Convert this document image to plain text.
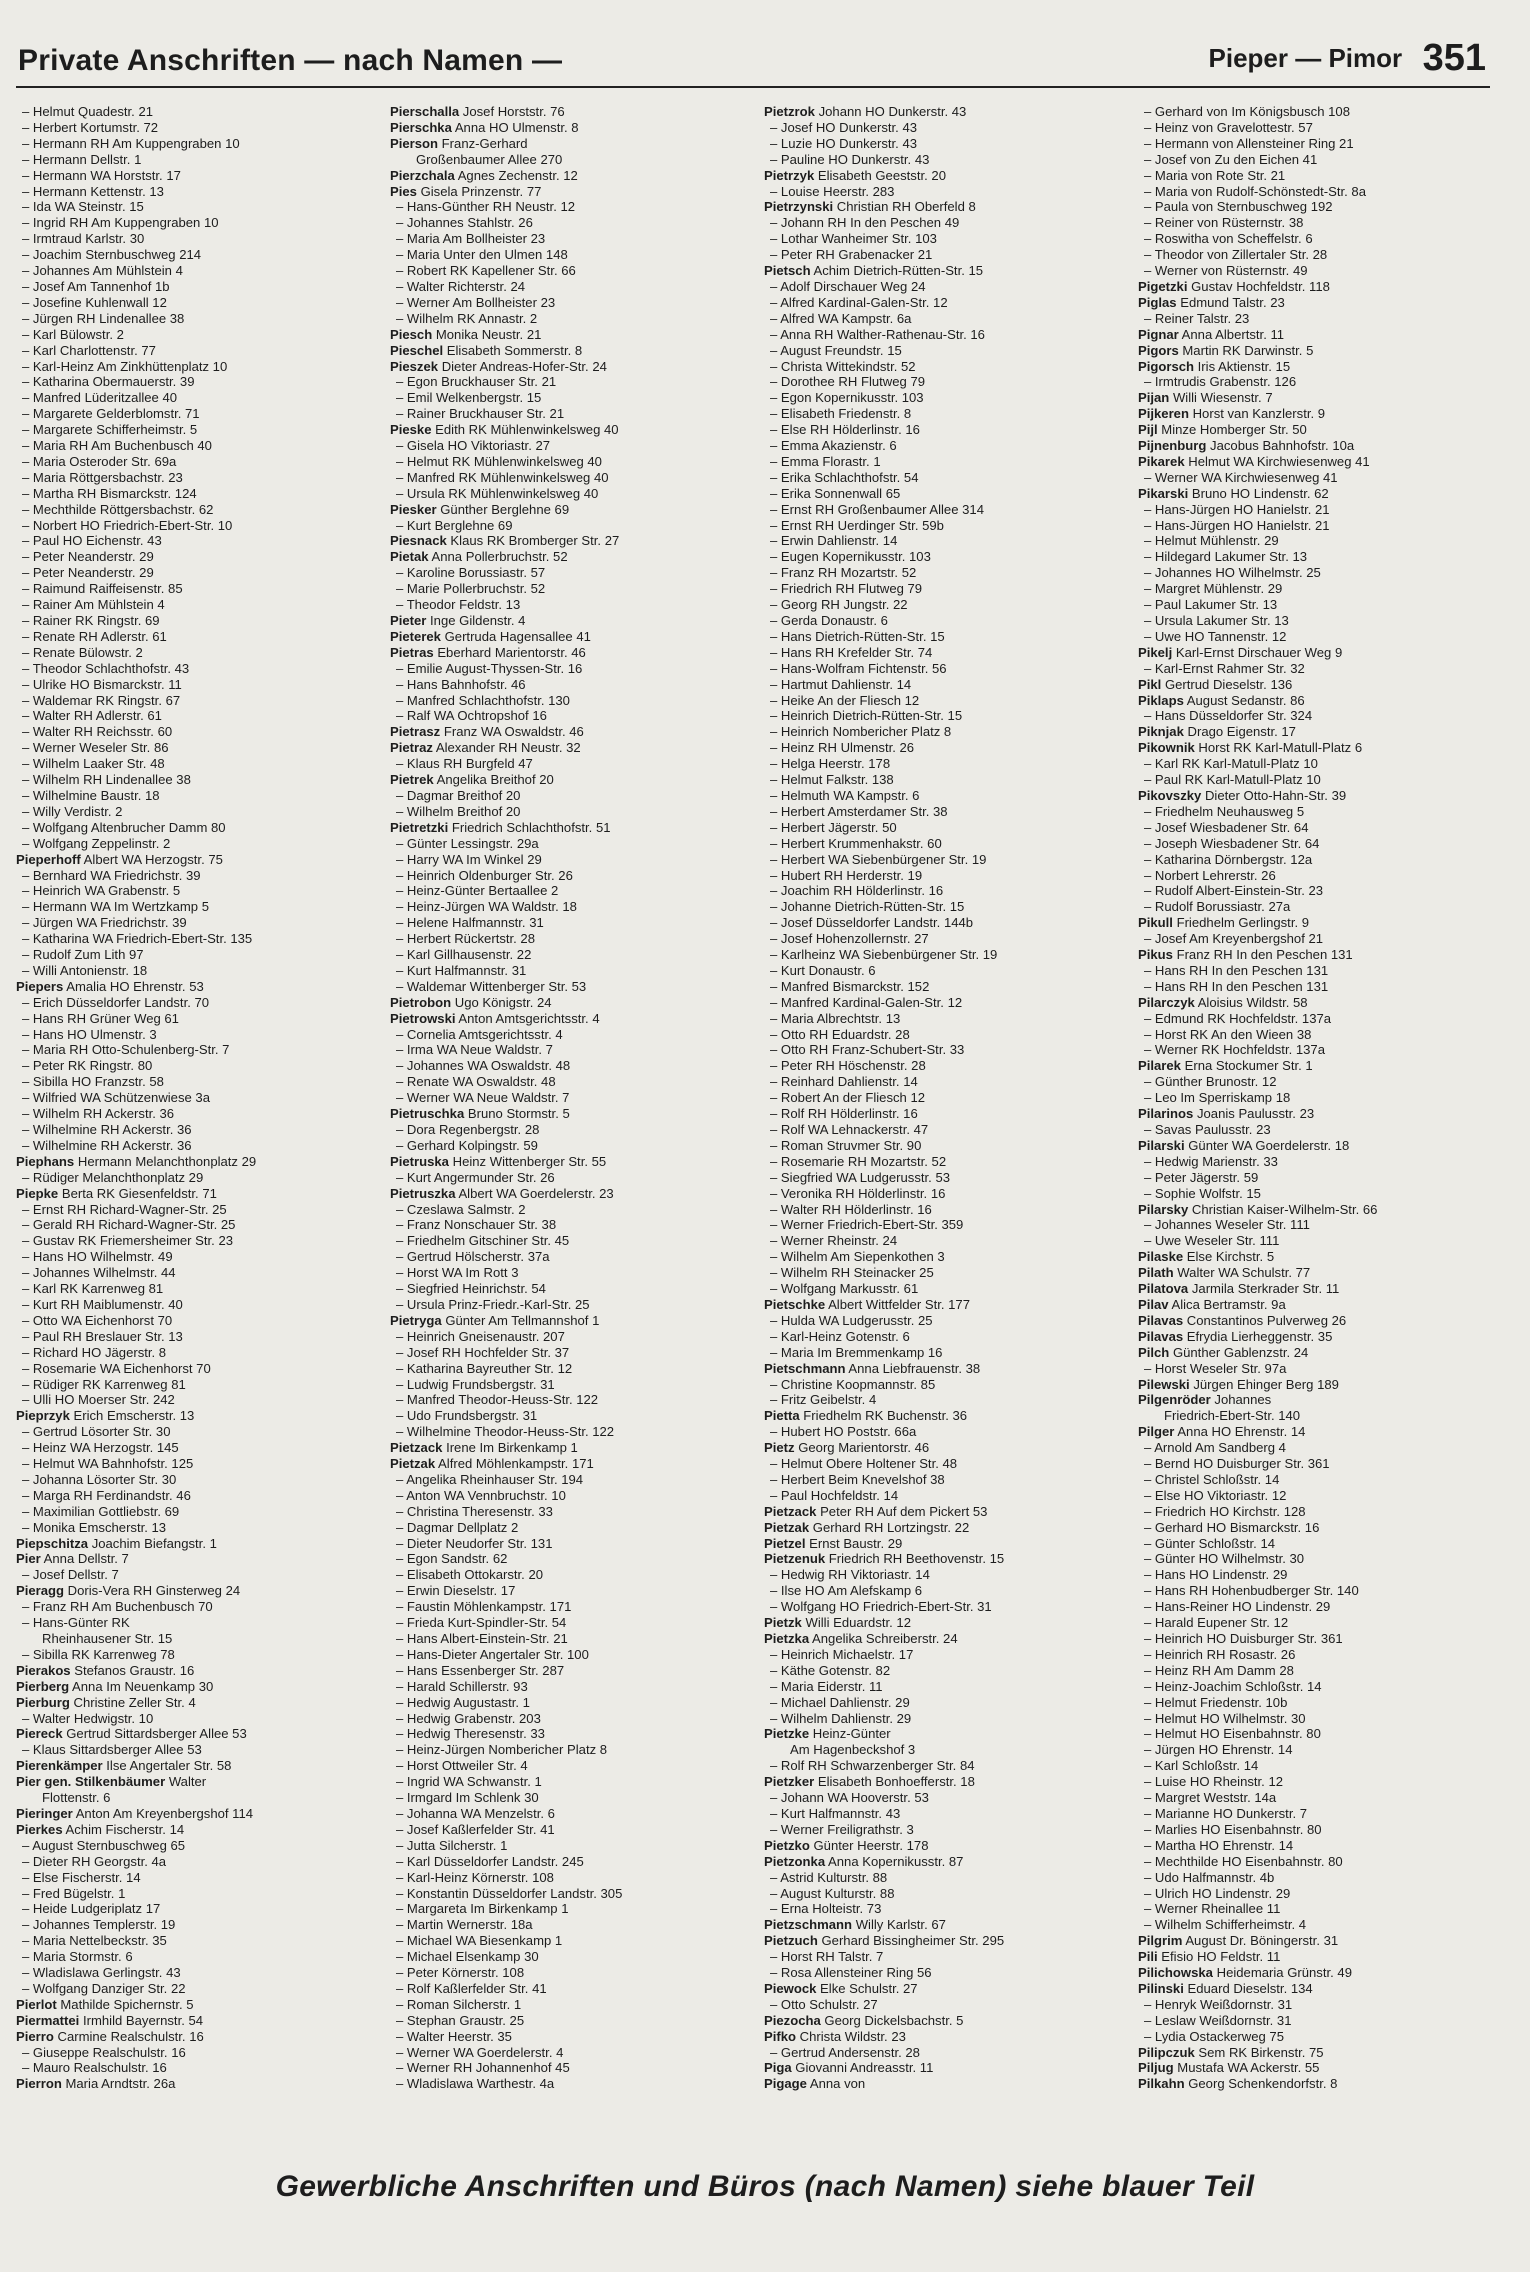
Private Anschriften — nach Namen —	Pieper — Pimor 351
– Helmut Quadestr. 21
– Herbert Kortumstr. 72
– Hermann RH Am Kuppengraben 10
– Hermann Dellstr. 1
– Hermann WA Horststr. 17
– Hermann Kettenstr. 13
– Ida WA Steinstr. 15
– Ingrid RH Am Kuppengraben 10
– Irmtraud Karlstr. 30
– Joachim Sternbuschweg 214
– Johannes Am Mühlstein 4
– Josef Am Tannenhof 1b
– Josefine Kuhlenwall 12
– Jürgen RH Lindenallee 38
– Karl Bülowstr. 2
– Karl Charlottenstr. 77
– Karl-Heinz Am Zinkhüttenplatz 10
– Katharina Obermauerstr. 39
– Manfred Lüderitzallee 40
– Margarete Gelderblomstr. 71
– Margarete Schifferheimstr. 5
– Maria RH Am Buchenbusch 40
– Maria Osteroder Str. 69a
– Maria Röttgersbachstr. 23
– Martha RH Bismarckstr. 124
– Mechthilde Röttgersbachstr. 62
– Norbert HO Friedrich-Ebert-Str. 10
– Paul HO Eichenstr. 43
– Peter Neanderstr. 29
– Peter Neanderstr. 29
– Raimund Raiffeisenstr. 85
– Rainer Am Mühlstein 4
– Rainer RK Ringstr. 69
– Renate RH Adlerstr. 61
– Renate Bülowstr. 2
– Theodor Schlachthofstr. 43
– Ulrike HO Bismarckstr. 11
– Waldemar RK Ringstr. 67
– Walter RH Adlerstr. 61
– Walter RH Reichsstr. 60
– Werner Weseler Str. 86
– Wilhelm Laaker Str. 48
– Wilhelm RH Lindenallee 38
– Wilhelmine Baustr. 18
– Willy Verdistr. 2
– Wolfgang Altenbrucher Damm 80
– Wolfgang Zeppelinstr. 2
Pieperhoff Albert WA Herzogstr. 75
– Bernhard WA Friedrichstr. 39
– Heinrich WA Grabenstr. 5
– Hermann WA Im Wertzkamp 5
– Jürgen WA Friedrichstr. 39
– Katharina WA Friedrich-Ebert-Str. 135
– Rudolf Zum Lith 97
– Willi Antonienstr. 18
Piepers Amalia HO Ehrenstr. 53
– Erich Düsseldorfer Landstr. 70
– Hans RH Grüner Weg 61
– Hans HO Ulmenstr. 3
– Maria RH Otto-Schulenberg-Str. 7
– Peter RK Ringstr. 80
– Sibilla HO Franzstr. 58
– Wilfried WA Schützenwiese 3a
– Wilhelm RH Ackerstr. 36
– Wilhelmine RH Ackerstr. 36
– Wilhelmine RH Ackerstr. 36
Piephans Hermann Melanchthonplatz 29
– Rüdiger Melanchthonplatz 29
Piepke Berta RK Giesenfeldstr. 71
– Ernst RH Richard-Wagner-Str. 25
– Gerald RH Richard-Wagner-Str. 25
– Gustav RK Friemersheimer Str. 23
– Hans HO Wilhelmstr. 49
– Johannes Wilhelmstr. 44
– Karl RK Karrenweg 81
– Kurt RH Maiblumenstr. 40
– Otto WA Eichenhorst 70
– Paul RH Breslauer Str. 13
– Richard HO Jägerstr. 8
– Rosemarie WA Eichenhorst 70
– Rüdiger RK Karrenweg 81
– Ulli HO Moerser Str. 242
Pieprzyk Erich Emscherstr. 13
– Gertrud Lösorter Str. 30
– Heinz WA Herzogstr. 145
– Helmut WA Bahnhofstr. 125
– Johanna Lösorter Str. 30
– Marga RH Ferdinandstr. 46
– Maximilian Gottliebstr. 69
– Monika Emscherstr. 13
Piepschitza Joachim Biefangstr. 1
Pier Anna Dellstr. 7
– Josef Dellstr. 7
Pieragg Doris-Vera RH Ginsterweg 24
– Franz RH Am Buchenbusch 70
– Hans-Günter RK
Rheinhausener Str. 15
– Sibilla RK Karrenweg 78
Pierakos Stefanos Graustr. 16
Pierberg Anna Im Neuenkamp 30
Pierburg Christine Zeller Str. 4
– Walter Hedwigstr. 10
Piereck Gertrud Sittardsberger Allee 53
– Klaus Sittardsberger Allee 53
Pierenkämper Ilse Angertaler Str. 58
Pier gen. Stilkenbäumer Walter
Flottenstr. 6
Pieringer Anton Am Kreyenbergshof 114
Pierkes Achim Fischerstr. 14
– August Sternbuschweg 65
– Dieter RH Georgstr. 4a
– Else Fischerstr. 14
– Fred Bügelstr. 1
– Heide Ludgeriplatz 17
– Johannes Templerstr. 19
– Maria Nettelbeckstr. 35
– Maria Stormstr. 6
– Wladislawa Gerlingstr. 43
– Wolfgang Danziger Str. 22
Pierlot Mathilde Spichernstr. 5
Piermattei Irmhild Bayernstr. 54
Pierro Carmine Realschulstr. 16
– Giuseppe Realschulstr. 16
– Mauro Realschulstr. 16
Pierron Maria Arndtstr. 26a
Pierschalla Josef Horststr. 76
Pierschka Anna HO Ulmenstr. 8
Pierson Franz-Gerhard
Großenbaumer Allee 270
Pierzchala Agnes Zechenstr. 12
Pies Gisela Prinzenstr. 77
– Hans-Günther RH Neustr. 12
– Johannes Stahlstr. 26
– Maria Am Bollheister 23
– Maria Unter den Ulmen 148
– Robert RK Kapellener Str. 66
– Walter Richterstr. 24
– Werner Am Bollheister 23
– Wilhelm RK Annastr. 2
Piesch Monika Neustr. 21
Pieschel Elisabeth Sommerstr. 8
Pieszek Dieter Andreas-Hofer-Str. 24
– Egon Bruckhauser Str. 21
– Emil Welkenbergstr. 15
– Rainer Bruckhauser Str. 21
Pieske Edith RK Mühlenwinkelsweg 40
– Gisela HO Viktoriastr. 27
– Helmut RK Mühlenwinkelsweg 40
– Manfred RK Mühlenwinkelsweg 40
– Ursula RK Mühlenwinkelsweg 40
Piesker Günther Berglehne 69
– Kurt Berglehne 69
Piesnack Klaus RK Bromberger Str. 27
Pietak Anna Pollerbruchstr. 52
– Karoline Borussiastr. 57
– Marie Pollerbruchstr. 52
– Theodor Feldstr. 13
Pieter Inge Gildenstr. 4
Pieterek Gertruda Hagensallee 41
Pietras Eberhard Marientorstr. 46
– Emilie August-Thyssen-Str. 16
– Hans Bahnhofstr. 46
– Manfred Schlachthofstr. 130
– Ralf WA Ochtropshof 16
Pietrasz Franz WA Oswaldstr. 46
Pietraz Alexander RH Neustr. 32
– Klaus RH Burgfeld 47
Pietrek Angelika Breithof 20
– Dagmar Breithof 20
– Wilhelm Breithof 20
Pietretzki Friedrich Schlachthofstr. 51
– Günter Lessingstr. 29a
– Harry WA Im Winkel 29
– Heinrich Oldenburger Str. 26
– Heinz-Günter Bertaallee 2
– Heinz-Jürgen WA Waldstr. 18
– Helene Halfmannstr. 31
– Herbert Rückertstr. 28
– Karl Gillhausenstr. 22
– Kurt Halfmannstr. 31
– Waldemar Wittenberger Str. 53
Pietrobon Ugo Königstr. 24
Pietrowski Anton Amtsgerichtsstr. 4
– Cornelia Amtsgerichtsstr. 4
– Irma WA Neue Waldstr. 7
– Johannes WA Oswaldstr. 48
– Renate WA Oswaldstr. 48
– Werner WA Neue Waldstr. 7
Pietruschka Bruno Stormstr. 5
– Dora Regenbergstr. 28
– Gerhard Kolpingstr. 59
Pietruska Heinz Wittenberger Str. 55
– Kurt Angermunder Str. 26
Pietruszka Albert WA Goerdelerstr. 23
– Czeslawa Salmstr. 2
– Franz Nonschauer Str. 38
– Friedhelm Gitschiner Str. 45
– Gertrud Hölscherstr. 37a
– Horst WA Im Rott 3
– Siegfried Heinrichstr. 54
– Ursula Prinz-Friedr.-Karl-Str. 25
Pietryga Günter Am Tellmannshof 1
– Heinrich Gneisenaustr. 207
– Josef RH Hochfelder Str. 37
– Katharina Bayreuther Str. 12
– Ludwig Frundsbergstr. 31
– Manfred Theodor-Heuss-Str. 122
– Udo Frundsbergstr. 31
– Wilhelmine Theodor-Heuss-Str. 122
Pietzack Irene Im Birkenkamp 1
Pietzak Alfred Möhlenkampstr. 171
– Angelika Rheinhauser Str. 194
– Anton WA Vennbruchstr. 10
– Christina Theresenstr. 33
– Dagmar Dellplatz 2
– Dieter Neudorfer Str. 131
– Egon Sandstr. 62
– Elisabeth Ottokarstr. 20
– Erwin Dieselstr. 17
– Faustin Möhlenkampstr. 171
– Frieda Kurt-Spindler-Str. 54
– Hans Albert-Einstein-Str. 21
– Hans-Dieter Angertaler Str. 100
– Hans Essenberger Str. 287
– Harald Schillerstr. 93
– Hedwig Augustastr. 1
– Hedwig Grabenstr. 203
– Hedwig Theresenstr. 33
– Heinz-Jürgen Nombericher Platz 8
– Horst Ottweiler Str. 4
– Ingrid WA Schwanstr. 1
– Irmgard Im Schlenk 30
– Johanna WA Menzelstr. 6
– Josef Kaßlerfelder Str. 41
– Jutta Silcherstr. 1
– Karl Düsseldorfer Landstr. 245
– Karl-Heinz Körnerstr. 108
– Konstantin Düsseldorfer Landstr. 305
– Margareta Im Birkenkamp 1
– Martin Wernerstr. 18a
– Michael WA Biesenkamp 1
– Michael Elsenkamp 30
– Peter Körnerstr. 108
– Rolf Kaßlerfelder Str. 41
– Roman Silcherstr. 1
– Stephan Graustr. 25
– Walter Heerstr. 35
– Werner WA Goerdelerstr. 4
– Werner RH Johannenhof 45
– Wladislawa Warthestr. 4a
Pietzrok Johann HO Dunkerstr. 43
– Josef HO Dunkerstr. 43
– Luzie HO Dunkerstr. 43
– Pauline HO Dunkerstr. 43
Pietrzyk Elisabeth Geeststr. 20
– Louise Heerstr. 283
Pietrzynski Christian RH Oberfeld 8
– Johann RH In den Peschen 49
– Lothar Wanheimer Str. 103
– Peter RH Grabenacker 21
Pietsch Achim Dietrich-Rütten-Str. 15
– Adolf Dirschauer Weg 24
– Alfred Kardinal-Galen-Str. 12
– Alfred WA Kampstr. 6a
– Anna RH Walther-Rathenau-Str. 16
– August Freundstr. 15
– Christa Wittekindstr. 52
– Dorothee RH Flutweg 79
– Egon Kopernikusstr. 103
– Elisabeth Friedenstr. 8
– Else RH Hölderlinstr. 16
– Emma Akazienstr. 6
– Emma Florastr. 1
– Erika Schlachthofstr. 54
– Erika Sonnenwall 65
– Ernst RH Großenbaumer Allee 314
– Ernst RH Uerdinger Str. 59b
– Erwin Dahlienstr. 14
– Eugen Kopernikusstr. 103
– Franz RH Mozartstr. 52
– Friedrich RH Flutweg 79
– Georg RH Jungstr. 22
– Gerda Donaustr. 6
– Hans Dietrich-Rütten-Str. 15
– Hans RH Krefelder Str. 74
– Hans-Wolfram Fichtenstr. 56
– Hartmut Dahlienstr. 14
– Heike An der Fliesch 12
– Heinrich Dietrich-Rütten-Str. 15
– Heinrich Nombericher Platz 8
– Heinz RH Ulmenstr. 26
– Helga Heerstr. 178
– Helmut Falkstr. 138
– Helmuth WA Kampstr. 6
– Herbert Amsterdamer Str. 38
– Herbert Jägerstr. 50
– Herbert Krummenhakstr. 60
– Herbert WA Siebenbürgener Str. 19
– Hubert RH Herderstr. 19
– Joachim RH Hölderlinstr. 16
– Johanne Dietrich-Rütten-Str. 15
– Josef Düsseldorfer Landstr. 144b
– Josef Hohenzollernstr. 27
– Karlheinz WA Siebenbürgener Str. 19
– Kurt Donaustr. 6
– Manfred Bismarckstr. 152
– Manfred Kardinal-Galen-Str. 12
– Maria Albrechtstr. 13
– Otto RH Eduardstr. 28
– Otto RH Franz-Schubert-Str. 33
– Peter RH Höschenstr. 28
– Reinhard Dahlienstr. 14
– Robert An der Fliesch 12
– Rolf RH Hölderlinstr. 16
– Rolf WA Lehnackerstr. 47
– Roman Struvmer Str. 90
– Rosemarie RH Mozartstr. 52
– Siegfried WA Ludgerusstr. 53
– Veronika RH Hölderlinstr. 16
– Walter RH Hölderlinstr. 16
– Werner Friedrich-Ebert-Str. 359
– Werner Rheinstr. 24
– Wilhelm Am Siepenkothen 3
– Wilhelm RH Steinacker 25
– Wolfgang Markusstr. 61
Pietschke Albert Wittfelder Str. 177
– Hulda WA Ludgerusstr. 25
– Karl-Heinz Gotenstr. 6
– Maria Im Bremmenkamp 16
Pietschmann Anna Liebfrauenstr. 38
– Christine Koopmannstr. 85
– Fritz Geibelstr. 4
Pietta Friedhelm RK Buchenstr. 36
– Hubert HO Poststr. 66a
Pietz Georg Marientorstr. 46
– Helmut Obere Holtener Str. 48
– Herbert Beim Knevelshof 38
– Paul Hochfeldstr. 14
Pietzack Peter RH Auf dem Pickert 53
Pietzak Gerhard RH Lortzingstr. 22
Pietzel Ernst Baustr. 29
Pietzenuk Friedrich RH Beethovenstr. 15
– Hedwig RH Viktoriastr. 14
– Ilse HO Am Alefskamp 6
– Wolfgang HO Friedrich-Ebert-Str. 31
Pietzk Willi Eduardstr. 12
Pietzka Angelika Schreiberstr. 24
– Heinrich Michaelstr. 17
– Käthe Gotenstr. 82
– Maria Eiderstr. 11
– Michael Dahlienstr. 29
– Wilhelm Dahlienstr. 29
Pietzke Heinz-Günter
Am Hagenbeckshof 3
– Rolf RH Schwarzenberger Str. 84
Pietzker Elisabeth Bonhoefferstr. 18
– Johann WA Hooverstr. 53
– Kurt Halfmannstr. 43
– Werner Freiligrathstr. 3
Pietzko Günter Heerstr. 178
Pietzonka Anna Kopernikusstr. 87
– Astrid Kulturstr. 88
– August Kulturstr. 88
– Erna Holteistr. 73
Pietzschmann Willy Karlstr. 67
Pietzuch Gerhard Bissingheimer Str. 295
– Horst RH Talstr. 7
– Rosa Allensteiner Ring 56
Piewock Elke Schulstr. 27
– Otto Schulstr. 27
Piezocha Georg Dickelsbachstr. 5
Pifko Christa Wildstr. 23
– Gertrud Andersenstr. 28
Piga Giovanni Andreasstr. 11
Pigage Anna von
– Gerhard von Im Königsbusch 108
– Heinz von Gravelottestr. 57
– Hermann von Allensteiner Ring 21
– Josef von Zu den Eichen 41
– Maria von Rote Str. 21
– Maria von Rudolf-Schönstedt-Str. 8a
– Paula von Sternbuschweg 192
– Reiner von Rüsternstr. 38
– Roswitha von Scheffelstr. 6
– Theodor von Zillertaler Str. 28
– Werner von Rüsternstr. 49
Pigetzki Gustav Hochfeldstr. 118
Piglas Edmund Talstr. 23
– Reiner Talstr. 23
Pignar Anna Albertstr. 11
Pigors Martin RK Darwinstr. 5
Pigorsch Iris Aktienstr. 15
– Irmtrudis Grabenstr. 126
Pijan Willi Wiesenstr. 7
Pijkeren Horst van Kanzlerstr. 9
Pijl Minze Homberger Str. 50
Pijnenburg Jacobus Bahnhofstr. 10a
Pikarek Helmut WA Kirchwiesenweg 41
– Werner WA Kirchwiesenweg 41
Pikarski Bruno HO Lindenstr. 62
– Hans-Jürgen HO Hanielstr. 21
– Hans-Jürgen HO Hanielstr. 21
– Helmut Mühlenstr. 29
– Hildegard Lakumer Str. 13
– Johannes HO Wilhelmstr. 25
– Margret Mühlenstr. 29
– Paul Lakumer Str. 13
– Ursula Lakumer Str. 13
– Uwe HO Tannenstr. 12
Pikelj Karl-Ernst Dirschauer Weg 9
– Karl-Ernst Rahmer Str. 32
Pikl Gertrud Dieselstr. 136
Piklaps August Sedanstr. 86
– Hans Düsseldorfer Str. 324
Piknjak Drago Eigenstr. 17
Pikownik Horst RK Karl-Matull-Platz 6
– Karl RK Karl-Matull-Platz 10
– Paul RK Karl-Matull-Platz 10
Pikovszky Dieter Otto-Hahn-Str. 39
– Friedhelm Neuhausweg 5
– Josef Wiesbadener Str. 64
– Joseph Wiesbadener Str. 64
– Katharina Dörnbergstr. 12a
– Norbert Lehrerstr. 26
– Rudolf Albert-Einstein-Str. 23
– Rudolf Borussiastr. 27a
Pikull Friedhelm Gerlingstr. 9
– Josef Am Kreyenbergshof 21
Pikus Franz RH In den Peschen 131
– Hans RH In den Peschen 131
– Hans RH In den Peschen 131
Pilarczyk Aloisius Wildstr. 58
– Edmund RK Hochfeldstr. 137a
– Horst RK An den Wieen 38
– Werner RK Hochfeldstr. 137a
Pilarek Erna Stockumer Str. 1
– Günther Brunostr. 12
– Leo Im Sperriskamp 18
Pilarinos Joanis Paulusstr. 23
– Savas Paulusstr. 23
Pilarski Günter WA Goerdelerstr. 18
– Hedwig Marienstr. 33
– Peter Jägerstr. 59
– Sophie Wolfstr. 15
Pilarsky Christian Kaiser-Wilhelm-Str. 66
– Johannes Weseler Str. 111
– Uwe Weseler Str. 111
Pilaske Else Kirchstr. 5
Pilath Walter WA Schulstr. 77
Pilatova Jarmila Sterkrader Str. 11
Pilav Alica Bertramstr. 9a
Pilavas Constantinos Pulverweg 26
Pilavas Efrydia Lierheggenstr. 35
Pilch Günther Gablenzstr. 24
– Horst Weseler Str. 97a
Pilewski Jürgen Ehinger Berg 189
Pilgenröder Johannes
Friedrich-Ebert-Str. 140
Pilger Anna HO Ehrenstr. 14
– Arnold Am Sandberg 4
– Bernd HO Duisburger Str. 361
– Christel Schloßstr. 14
– Else HO Viktoriastr. 12
– Friedrich HO Kirchstr. 128
– Gerhard HO Bismarckstr. 16
– Günter Schloßstr. 14
– Günter HO Wilhelmstr. 30
– Hans HO Lindenstr. 29
– Hans RH Hohenbudberger Str. 140
– Hans-Reiner HO Lindenstr. 29
– Harald Eupener Str. 12
– Heinrich HO Duisburger Str. 361
– Heinrich RH Rosastr. 26
– Heinz RH Am Damm 28
– Heinz-Joachim Schloßstr. 14
– Helmut Friedenstr. 10b
– Helmut HO Wilhelmstr. 30
– Helmut HO Eisenbahnstr. 80
– Jürgen HO Ehrenstr. 14
– Karl Schloßstr. 14
– Luise HO Rheinstr. 12
– Margret Weststr. 14a
– Marianne HO Dunkerstr. 7
– Marlies HO Eisenbahnstr. 80
– Martha HO Ehrenstr. 14
– Mechthilde HO Eisenbahnstr. 80
– Udo Halfmannstr. 4b
– Ulrich HO Lindenstr. 29
– Werner Rheinallee 11
– Wilhelm Schifferheimstr. 4
Pilgrim August Dr. Böningerstr. 31
Pili Efisio HO Feldstr. 11
Pilichowska Heidemaria Grünstr. 49
Pilinski Eduard Dieselstr. 134
– Henryk Weißdornstr. 31
– Leslaw Weißdornstr. 31
– Lydia Ostackerweg 75
Pilipczuk Sem RK Birkenstr. 75
Piljug Mustafa WA Ackerstr. 55
Pilkahn Georg Schenkendorfstr. 8
Gewerbliche Anschriften und Büros (nach Namen) siehe blauer Teil
